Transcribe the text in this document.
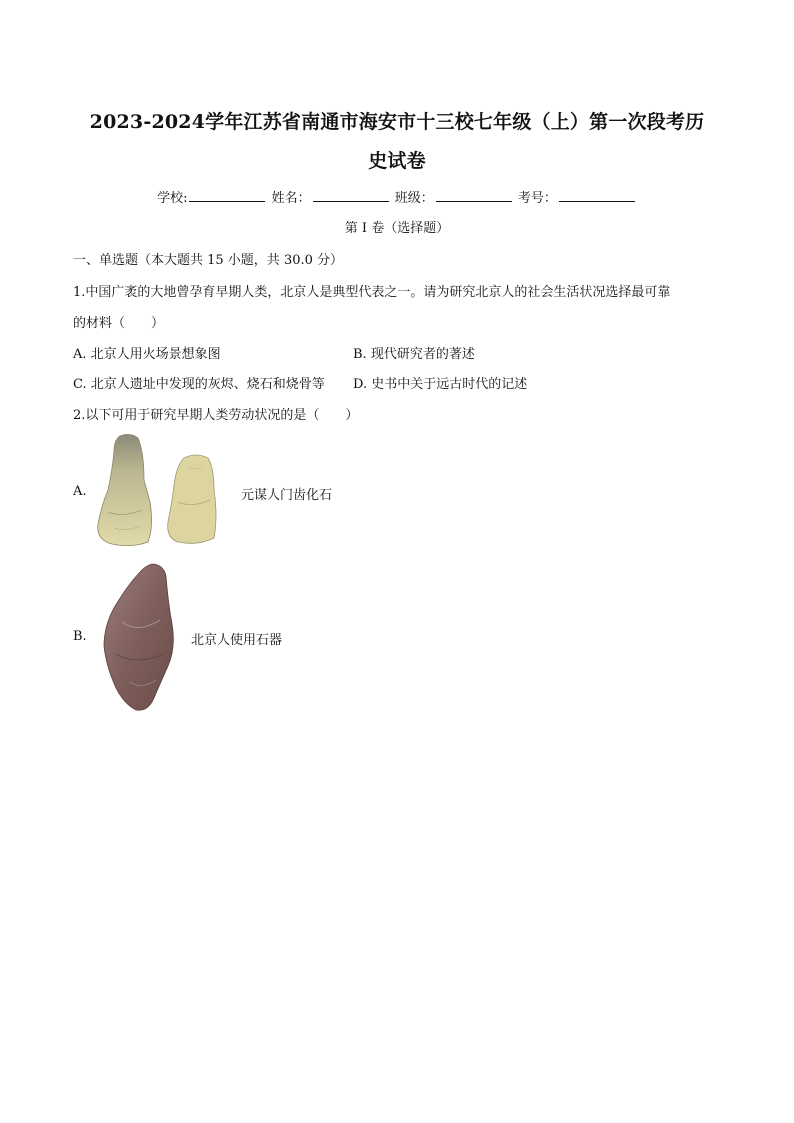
2023-2024学年江苏省南通市海安市十三校七年级（上）第一次段考历
史试卷
学校:	姓名：	班级：	考号：
第 I 卷（选择题）
一、单选题（本大题共 15 小题，共 30.0 分）
1.中国广袤的大地曾孕育早期人类，北京人是典型代表之一。请为研究北京人的社会生活状况选择最可靠
的材料（　　）
A. 北京人用火场景想象图	B. 现代研究者的著述
C. 北京人遗址中发现的灰烬、烧石和烧骨等 D. 史书中关于远古时代的记述
2.以下可用于研究早期人类劳动状况的是（　　）
A.	元谋人门齿化石
B.	北京人使用石器
